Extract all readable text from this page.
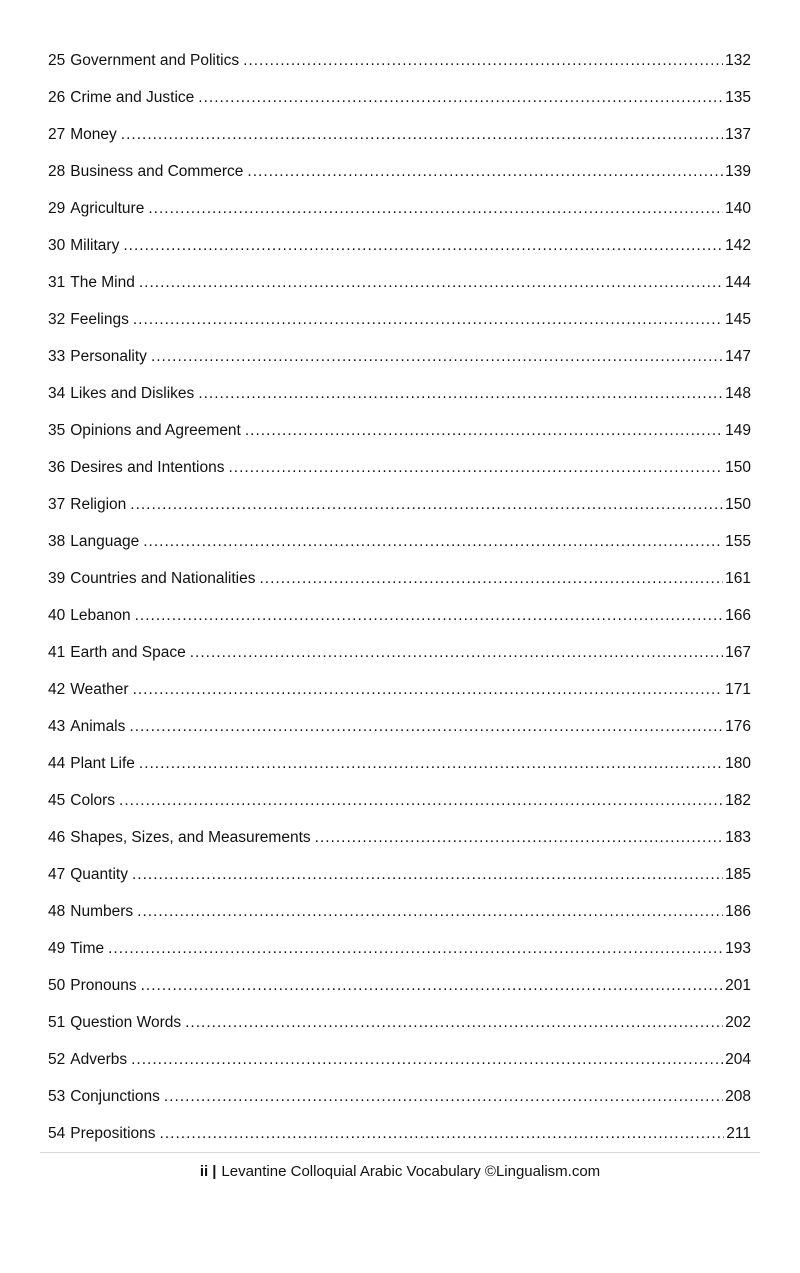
25 Government and Politics .....	132
26 Crime and Justice .....	135
27 Money .....	137
28 Business and Commerce .....	139
29 Agriculture .....	140
30 Military .....	142
31 The Mind .....	144
32 Feelings .....	145
33 Personality .....	147
34 Likes and Dislikes .....	148
35 Opinions and Agreement .....	149
36 Desires and Intentions .....	150
37 Religion .....	150
38 Language .....	155
39 Countries and Nationalities .....	161
40 Lebanon .....	166
41 Earth and Space .....	167
42 Weather .....	171
43 Animals .....	176
44 Plant Life .....	180
45 Colors .....	182
46 Shapes, Sizes, and Measurements .....	183
47 Quantity .....	185
48 Numbers .....	186
49 Time .....	193
50 Pronouns .....	201
51 Question Words .....	202
52 Adverbs .....	204
53 Conjunctions .....	208
54 Prepositions .....	211
ii | Levantine Colloquial Arabic Vocabulary ©Lingualism.com
